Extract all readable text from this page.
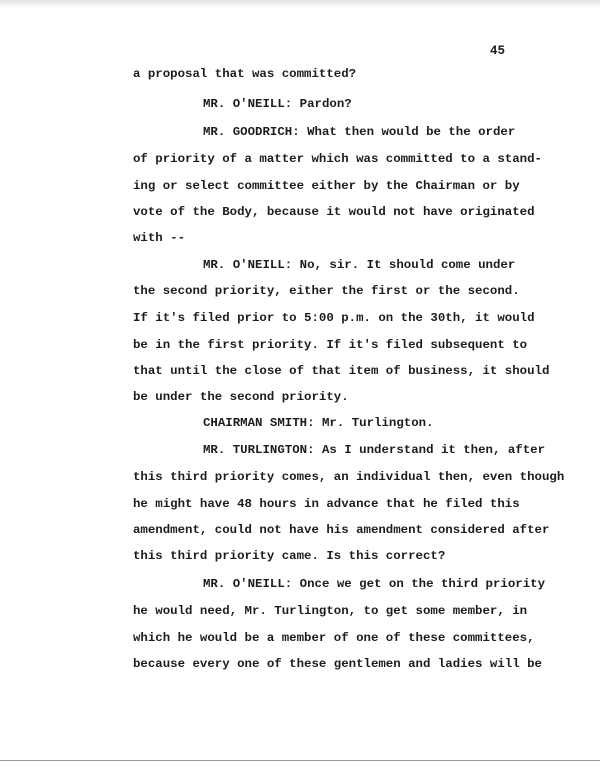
45
a proposal that was committed?
MR. O'NEILL: Pardon?
MR. GOODRICH: What then would be the order
of priority of a matter which was committed to a stand-
ing or select committee either by the Chairman or by
vote of the Body, because it would not have originated
with --
MR. O'NEILL: No, sir. It should come under
the second priority, either the first or the second.
If it's filed prior to 5:00 p.m. on the 30th, it would
be in the first priority. If it's filed subsequent to
that until the close of that item of business, it should
be under the second priority.
CHAIRMAN SMITH: Mr. Turlington.
MR. TURLINGTON: As I understand it then, after
this third priority comes, an individual then, even though
he might have 48 hours in advance that he filed this
amendment, could not have his amendment considered after
this third priority came. Is this correct?
MR. O'NEILL: Once we get on the third priority
he would need, Mr. Turlington, to get some member, in
which he would be a member of one of these committees,
because every one of these gentlemen and ladies will be
